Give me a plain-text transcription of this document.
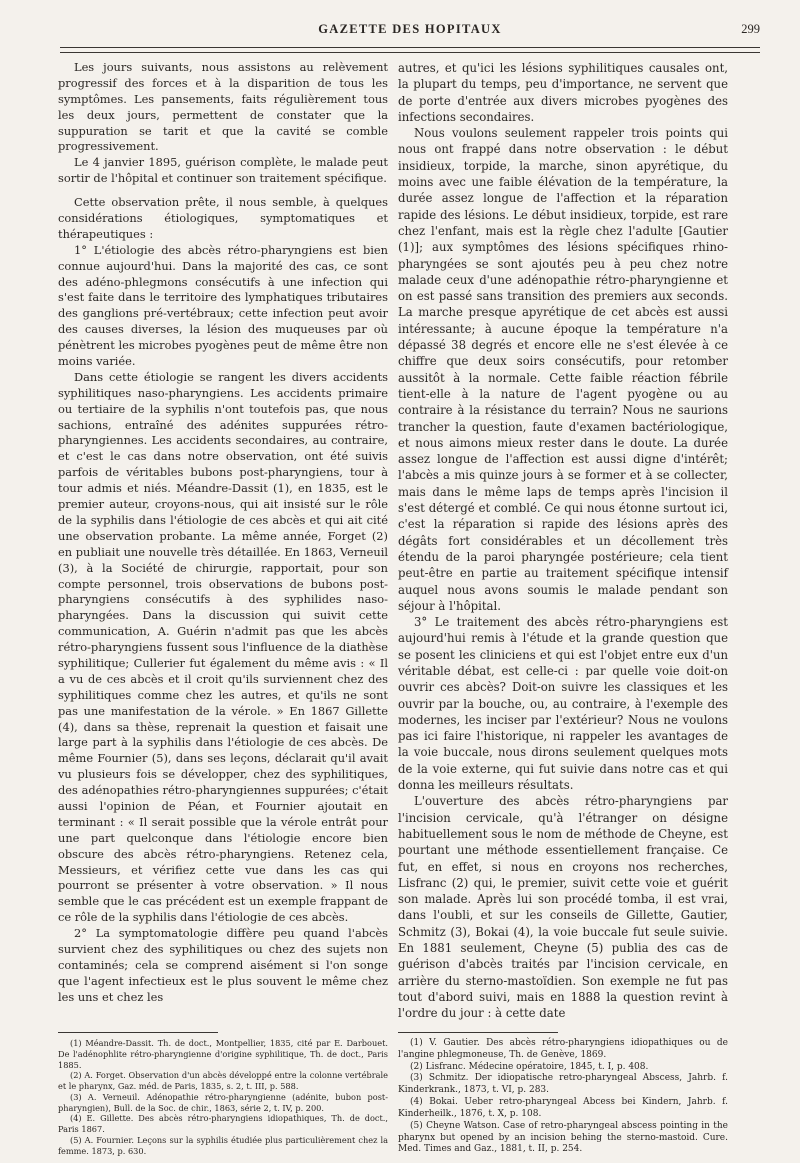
GAZETTE DES HOPITAUX	299

Les jours suivants, nous assistons au relèvement progressif des forces et à la disparition de tous les symptômes. Les pansements, faits régulièrement tous les deux jours, permettent de constater que la suppuration se tarit et que la cavité se comble progressivement.

Le 4 janvier 1895, guérison complète, le malade peut sortir de l'hôpital et continuer son traitement spécifique.

Cette observation prête, il nous semble, à quelques considérations étiologiques, symptomatiques et thérapeutiques :

1° L'étiologie des abcès rétro-pharyngiens est bien connue aujourd'hui. Dans la majorité des cas, ce sont des adéno-phlegmons consécutifs à une infection qui s'est faite dans le territoire des lymphatiques tributaires des ganglions pré-vertébraux; cette infection peut avoir des causes diverses, la lésion des muqueuses par où pénètrent les microbes pyogènes peut de même être non moins variée.

Dans cette étiologie se rangent les divers accidents syphilitiques naso-pharyngiens. Les accidents primaire ou tertiaire de la syphilis n'ont toutefois pas, que nous sachions, entraîné des adénites suppurées rétro-pharyngiennes. Les accidents secondaires, au contraire, et c'est le cas dans notre observation, ont été suivis parfois de véritables bubons post-pharyngiens, tour à tour admis et niés. Méandre-Dassit (1), en 1835, est le premier auteur, croyons-nous, qui ait insisté sur le rôle de la syphilis dans l'étiologie de ces abcès et qui ait cité une observation probante. La même année, Forget (2) en publiait une nouvelle très détaillée. En 1863, Verneuil (3), à la Société de chirurgie, rapportait, pour son compte personnel, trois observations de bubons post-pharyngiens consécutifs à des syphilides naso-pharyngées. Dans la discussion qui suivit cette communication, A. Guérin n'admit pas que les abcès rétro-pharyngiens fussent sous l'influence de la diathèse syphilitique; Cullerier fut également du même avis : « Il a vu de ces abcès et il croit qu'ils surviennent chez des syphilitiques comme chez les autres, et qu'ils ne sont pas une manifestation de la vérole. » En 1867 Gillette (4), dans sa thèse, reprenait la question et faisait une large part à la syphilis dans l'étiologie de ces abcès. De même Fournier (5), dans ses leçons, déclarait qu'il avait vu plusieurs fois se développer, chez des syphilitiques, des adénopathies rétro-pharyngiennes suppurées; c'était aussi l'opinion de Péan, et Fournier ajoutait en terminant : « Il serait possible que la vérole entrât pour une part quelconque dans l'étiologie encore bien obscure des abcès rétro-pharyngiens. Retenez cela, Messieurs, et vérifiez cette vue dans les cas qui pourront se présenter à votre observation. » Il nous semble que le cas précédent est un exemple frappant de ce rôle de la syphilis dans l'étiologie de ces abcès.

2° La symptomatologie diffère peu quand l'abcès survient chez des syphilitiques ou chez des sujets non contaminés; cela se comprend aisément si l'on songe que l'agent infectieux est le plus souvent le même chez les uns et chez les

autres, et qu'ici les lésions syphilitiques causales ont, la plupart du temps, peu d'importance, ne servent que de porte d'entrée aux divers microbes pyogènes des infections secondaires.

Nous voulons seulement rappeler trois points qui nous ont frappé dans notre observation : le début insidieux, torpide, la marche, sinon apyrétique, du moins avec une faible élévation de la température, la durée assez longue de l'affection et la réparation rapide des lésions. Le début insidieux, torpide, est rare chez l'enfant, mais est la règle chez l'adulte [Gautier (1)]; aux symptômes des lésions spécifiques rhino-pharyngées se sont ajoutés peu à peu chez notre malade ceux d'une adénopathie rétro-pharyngienne et on est passé sans transition des premiers aux seconds. La marche presque apyrétique de cet abcès est aussi intéressante; à aucune époque la température n'a dépassé 38 degrés et encore elle ne s'est élevée à ce chiffre que deux soirs consécutifs, pour retomber aussitôt à la normale. Cette faible réaction fébrile tient-elle à la nature de l'agent pyogène ou au contraire à la résistance du terrain? Nous ne saurions trancher la question, faute d'examen bactériologique, et nous aimons mieux rester dans le doute. La durée assez longue de l'affection est aussi digne d'intérêt; l'abcès a mis quinze jours à se former et à se collecter, mais dans le même laps de temps après l'incision il s'est détergé et comblé. Ce qui nous étonne surtout ici, c'est la réparation si rapide des lésions après des dégâts fort considérables et un décollement très étendu de la paroi pharyngée postérieure; cela tient peut-être en partie au traitement spécifique intensif auquel nous avons soumis le malade pendant son séjour à l'hôpital.

3° Le traitement des abcès rétro-pharyngiens est aujourd'hui remis à l'étude et la grande question que se posent les cliniciens et qui est l'objet entre eux d'un véritable débat, est celle-ci : par quelle voie doit-on ouvrir ces abcès? Doit-on suivre les classiques et les ouvrir par la bouche, ou, au contraire, à l'exemple des modernes, les inciser par l'extérieur? Nous ne voulons pas ici faire l'historique, ni rappeler les avantages de la voie buccale, nous dirons seulement quelques mots de la voie externe, qui fut suivie dans notre cas et qui donna les meilleurs résultats.

L'ouverture des abcès rétro-pharyngiens par l'incision cervicale, qu'à l'étranger on désigne habituellement sous le nom de méthode de Cheyne, est pourtant une méthode essentiellement française. Ce fut, en effet, si nous en croyons nos recherches, Lisfranc (2) qui, le premier, suivit cette voie et guérit son malade. Après lui son procédé tomba, il est vrai, dans l'oubli, et sur les conseils de Gillette, Gautier, Schmitz (3), Bokai (4), la voie buccale fut seule suivie. En 1881 seulement, Cheyne (5) publia des cas de guérison d'abcès traités par l'incision cervicale, en arrière du sterno-mastoïdien. Son exemple ne fut pas tout d'abord suivi, mais en 1888 la question revint à l'ordre du jour : à cette date

(1) Méandre-Dassit. Th. de doct., Montpellier, 1835, cité par E. Darbouet. De l'adénophlite rétro-pharyngienne d'origine syphilitique, Th. de doct., Paris 1885.
(2) A. Forget. Observation d'un abcès développé entre la colonne vertébrale et le pharynx, Gaz. méd. de Paris, 1835, s. 2, t. III, p. 588.
(3) A. Verneuil. Adénopathie rétro-pharyngienne (adénite, bubon post-pharyngien), Bull. de la Soc. de chir., 1863, série 2, t. IV, p. 200.
(4) E. Gillette. Des abcès rétro-pharyngiens idiopathiques, Th. de doct., Paris 1867.
(5) A. Fournier. Leçons sur la syphilis étudiée plus particulièrement chez la femme. 1873, p. 630.
(1) V. Gautier. Des abcès rétro-pharyngiens idiopathiques ou de l'angine phlegmoneuse, Th. de Genève, 1869.
(2) Lisfranc. Médecine opératoire, 1845, t. I, p. 408.
(3) Schmitz. Der idiopatische retro-pharyngeal Abscess, Jahrb. f. Kinderkrank., 1873, t. VI, p. 283.
(4) Bokai. Ueber retro-pharyngeal Abcess bei Kindern, Jahrb. f. Kinderheilk., 1876, t. X, p. 108.
(5) Cheyne Watson. Case of retro-pharyngeal abscess pointing in the pharynx but opened by an incision behing the sterno-mastoid. Cure. Med. Times and Gaz., 1881, t. II, p. 254.
